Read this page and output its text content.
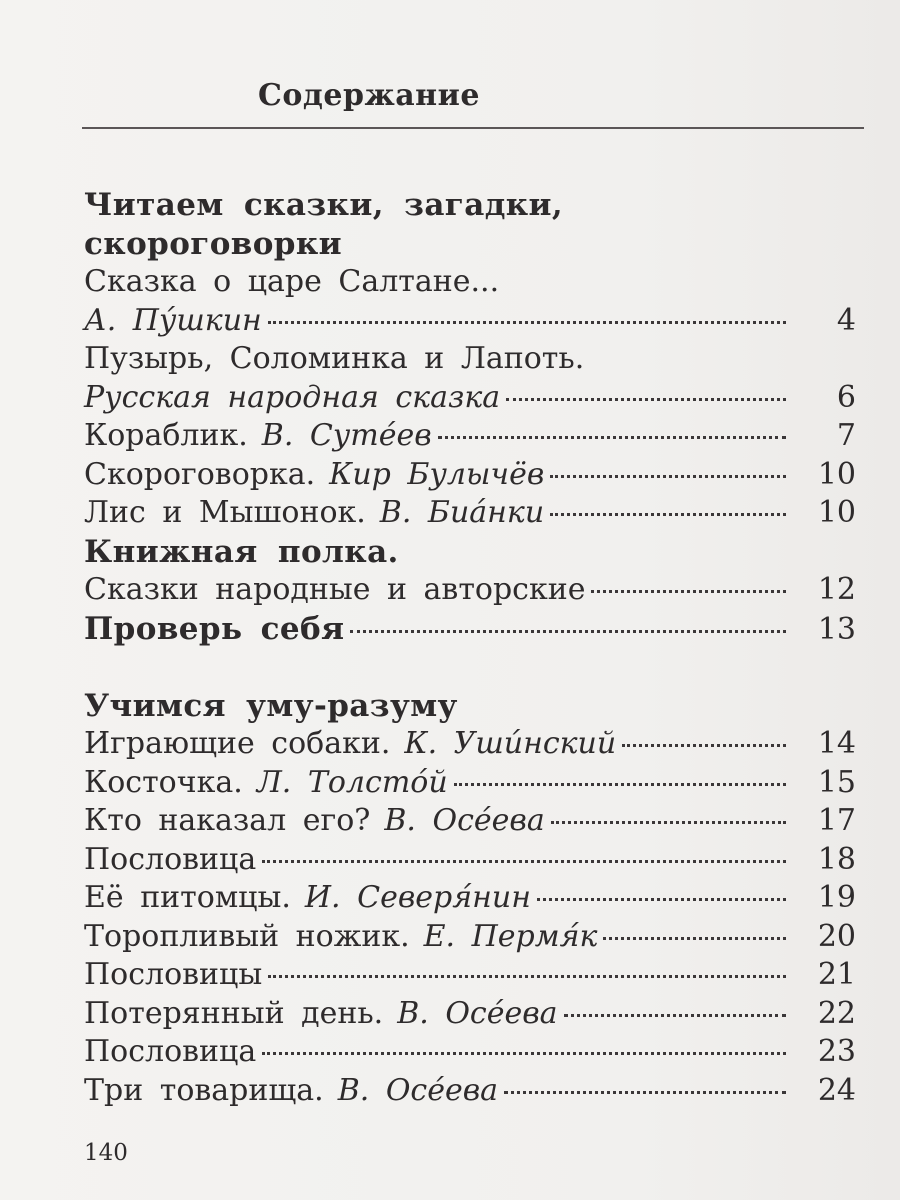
Содержание
Читаем сказки, загадки,
скороговорки
Сказка о царе Салтане...
А. Пу́шкин	4
Пузырь, Соломинка и Лапоть.
Русская народная сказка	6
Кораблик. В. Суте́ев	7
Скороговорка. Кир Булычёв	10
Лис и Мышонок. В. Биа́нки	10
Книжная полка.
Сказки народные и авторские	12
Проверь себя	13
Учимся уму-разуму
Играющие собаки. К. Уши́нский	14
Косточка. Л. Толсто́й	15
Кто наказал его? В. Осе́ева	17
Пословица	18
Её питомцы. И. Северя́нин	19
Торопливый ножик. Е. Пермя́к	20
Пословицы	21
Потерянный день. В. Осе́ева	22
Пословица	23
Три товарища. В. Осе́ева	24
140
